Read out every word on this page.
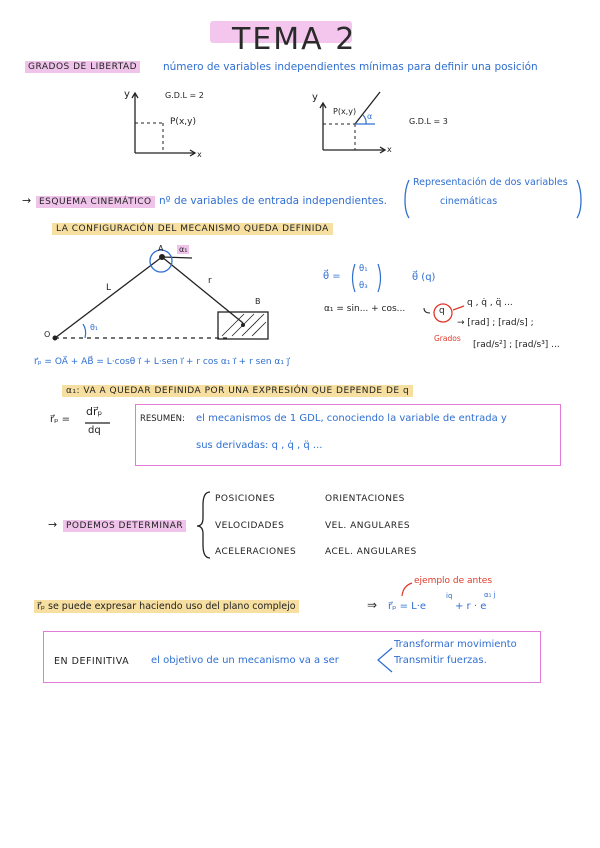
TEMA 2
GRADOS DE LIBERTAD número de variables independientes mínimas para definir una posición
y
x
G.D.L = 2
P(x,y)
y
x
G.D.L = 3
P(x,y)
α
→ ESQUEMA CINEMÁTICO nº de variables de entrada independientes.
Representación de dos variables
cinemáticas
LA CONFIGURACIÓN DEL MECANISMO QUEDA DEFINIDA
A α₁
L
r
B
O
θ₁
θ⃗ =
θ₁
θ₃
θ⃗ (q)
α₁ = sin... + cos...	q
q , q̇ , q̈ ...
→ [rad] ; [rad/s] ;
Grados
[rad/s²] ; [rad/s³] ...
r⃗ₚ = OA⃗ + AB⃗ = L·cosθ i⃗ + L·sen i⃗ + r cos α₁ i⃗ + r sen α₁ j⃗
α₁: VA A QUEDAR DEFINIDA POR UNA EXPRESIÓN QUE DEPENDE DE q
r⃗ₚ =
dr⃗ₚ
dq
RESUMEN: el mecanismos de 1 GDL, conociendo la variable de entrada y
sus derivadas: q , q̇ , q̈ ...
→ PODEMOS DETERMINAR
POSICIONES
VELOCIDADES
ACELERACIONES
ORIENTACIONES
VEL. ANGULARES
ACEL. ANGULARES
r⃗ₚ se puede expresar haciendo uso del plano complejo	⇒ r⃗ₚ = L·e
iq
+ r · e
α₁ j
ejemplo de antes
EN DEFINITIVA el objetivo de un mecanismo va a ser
Transformar movimiento
Transmitir fuerzas.
